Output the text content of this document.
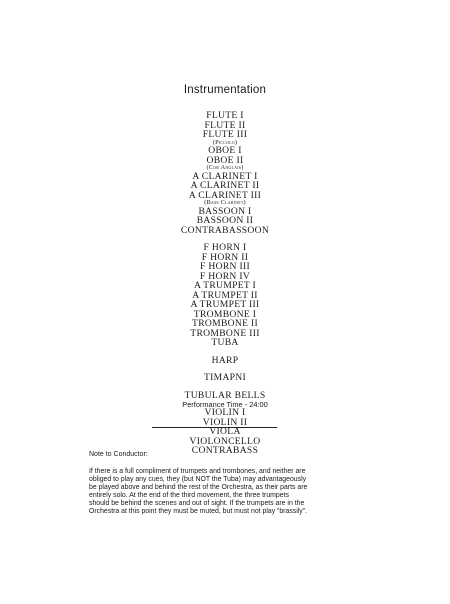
Instrumentation
FLUTE I
FLUTE II
FLUTE III
(Piccolo)
OBOE I
OBOE II
(Cor Anglais)
A CLARINET I
A CLARINET II
A CLARINET III
(Bass Clarinet)
BASSOON I
BASSOON II
CONTRABASSOON
F HORN I
F HORN II
F HORN III
F HORN IV
A TRUMPET I
A TRUMPET II
A TRUMPET III
TROMBONE I
TROMBONE II
TROMBONE III
TUBA
HARP
TIMAPNI
TUBULAR BELLS
VIOLIN I
VIOLIN II
VIOLA
VIOLONCELLO
CONTRABASS
Performance Time - 24:00
Note to Conductor:
If there is a full compliment of trumpets and trombones, and neither are
obliged to play any cues, they (but NOT the Tuba) may advantageously
be played above and behind the rest of the Orchestra, as their parts are
entirely solo. At the end of the third movement, the three trumpets
should be behind the scenes and out of sight. If the trumpets are in the
Orchestra at this point they must be muted, but must not play “brassily”.
